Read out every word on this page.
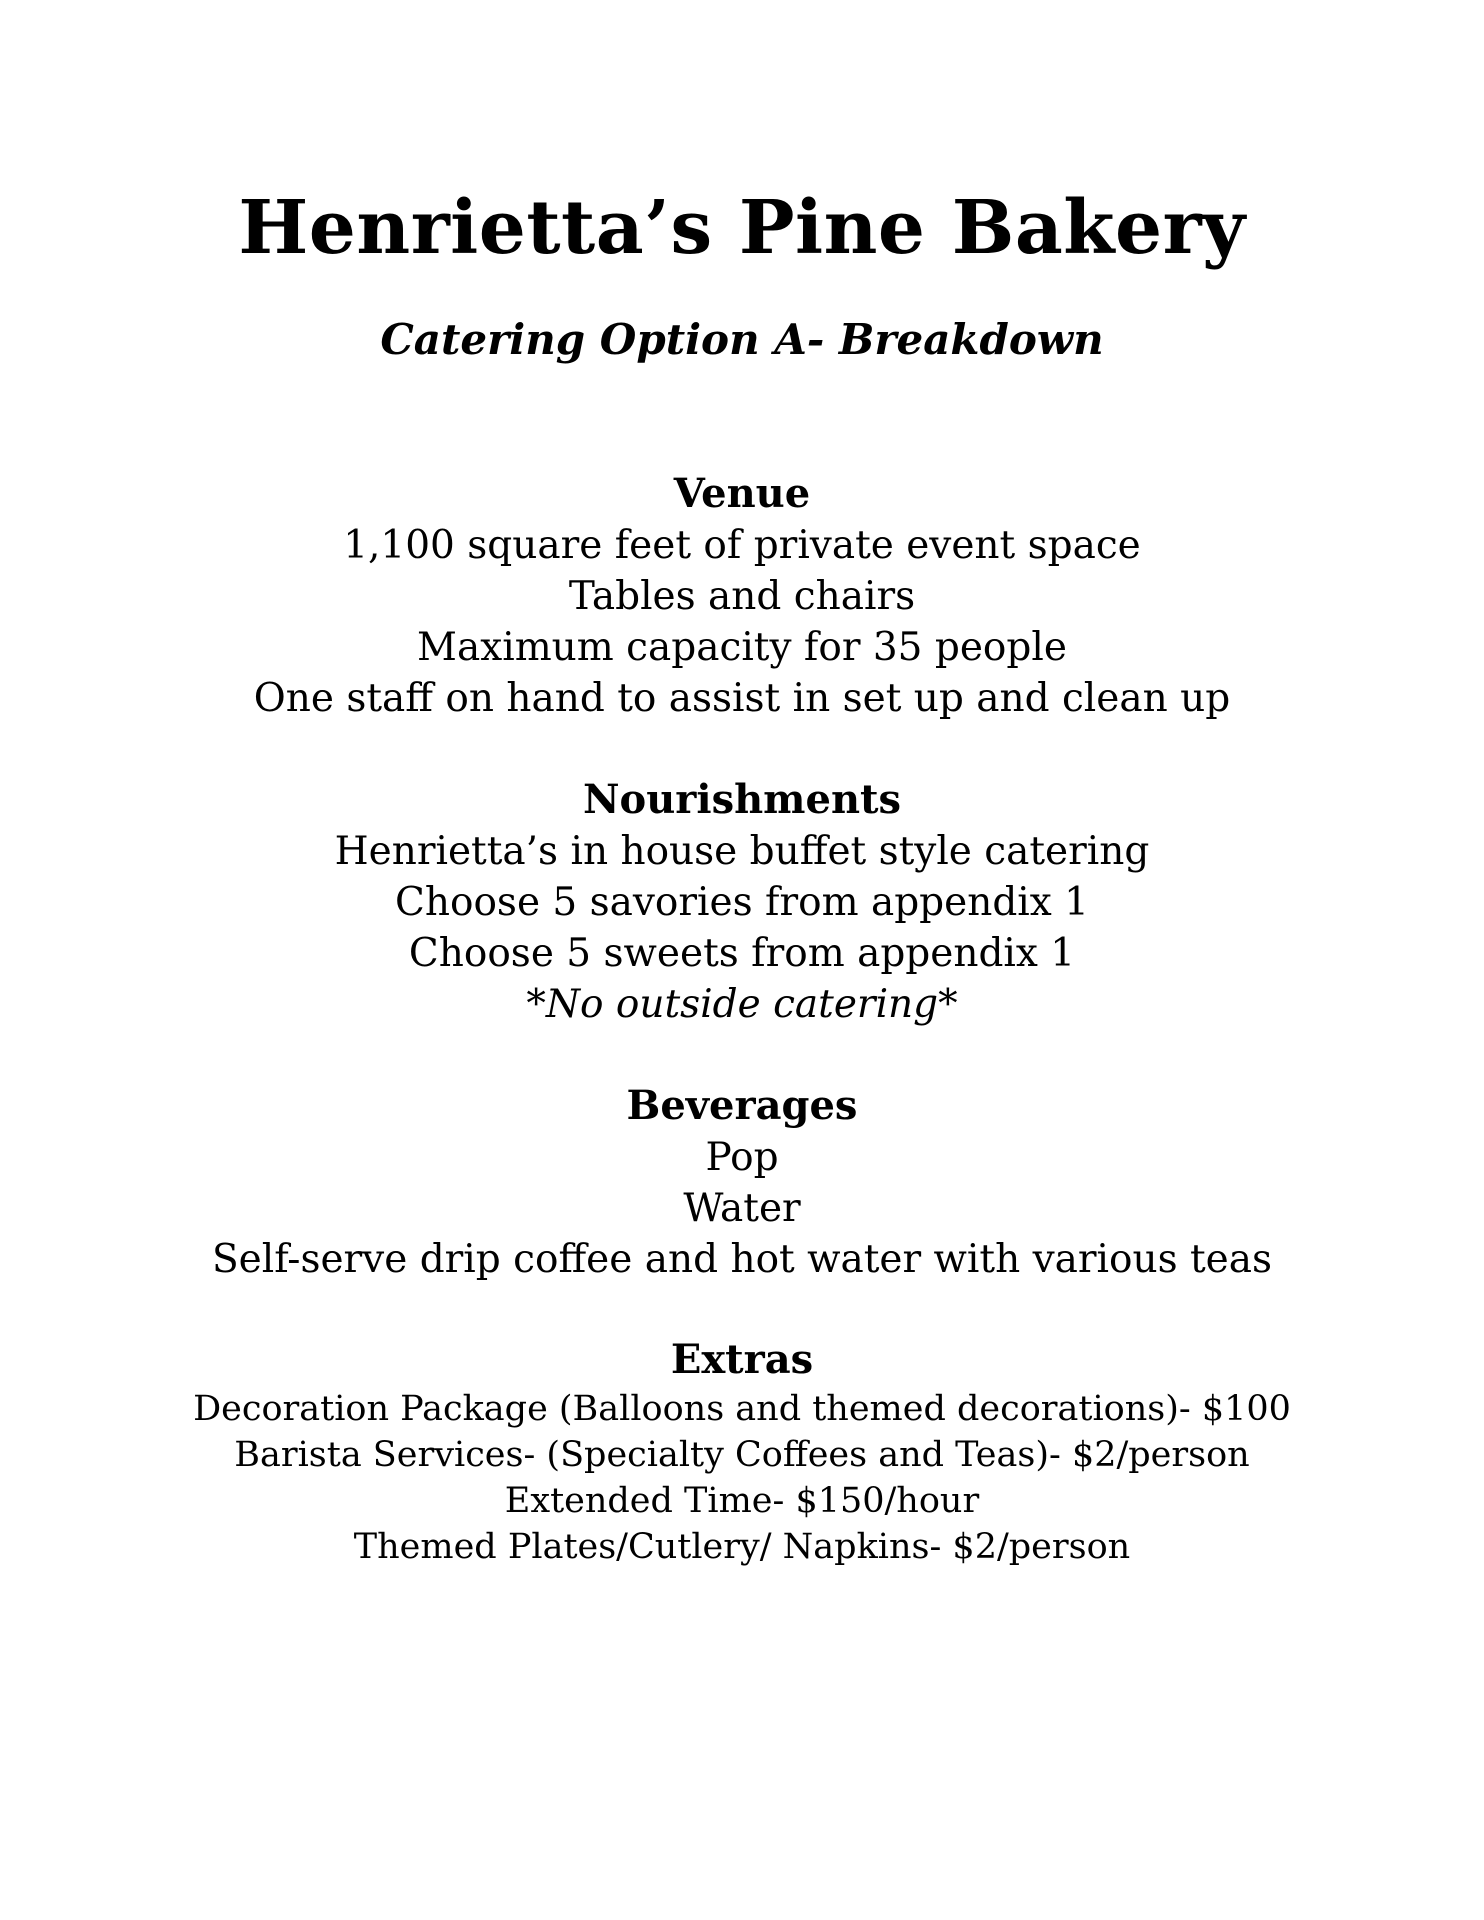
Henrietta’s Pine Bakery
Catering Option A- Breakdown

Venue

1,100 square feet of private event space

Tables and chairs

Maximum capacity for 35 people

One staff on hand to assist in set up and clean up

Nourishments

Henrietta’s in house buffet style catering

Choose 5 savories from appendix 1

Choose 5 sweets from appendix 1

*No outside catering*

Beverages

Pop

Water

Self-serve drip coffee and hot water with various teas

Extras

Decoration Package (Balloons and themed decorations)- $100

Barista Services- (Specialty Coffees and Teas)- $2/person

Extended Time- $150/hour

Themed Plates/Cutlery/ Napkins- $2/person
